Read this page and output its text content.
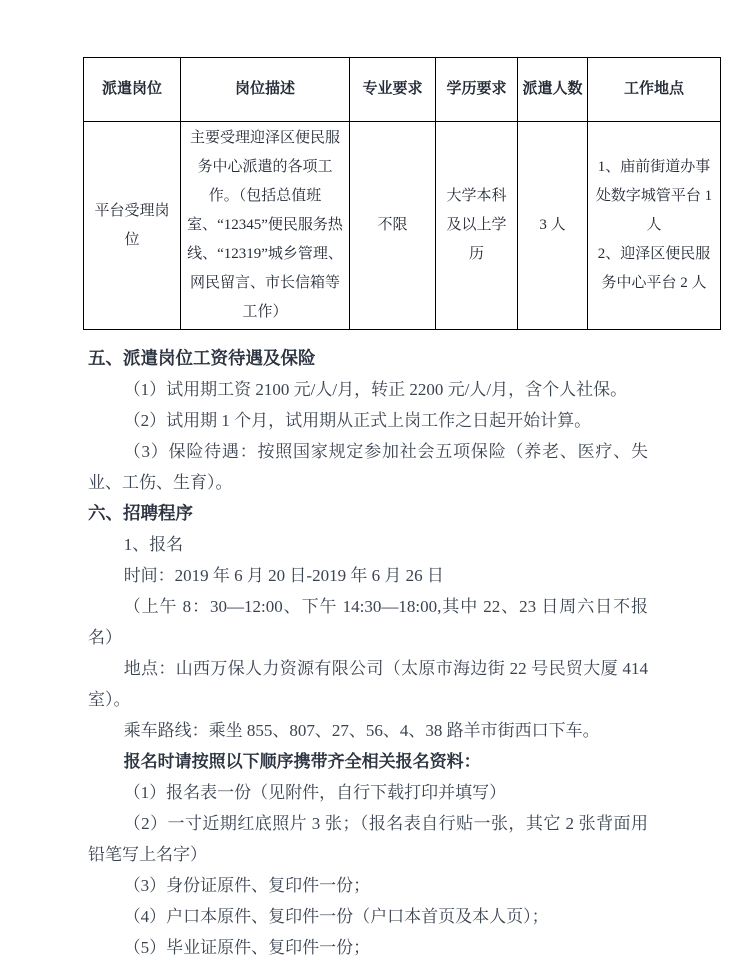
派遣岗位	岗位描述	专业要求	学历要求	派遣人数	工作地点
平台受理岗位	主要受理迎泽区便民服务中心派遣的各项工作。（包括总值班室、“12345”便民服务热线、“12319”城乡管理、网民留言、市长信箱等工作）	不限	大学本科及以上学历	3 人	1、庙前街道办事处数字城管平台 1 人
2、迎泽区便民服务中心平台 2 人

五、派遣岗位工资待遇及保险

（1）试用期工资 2100 元/人/月，转正 2200 元/人/月，含个人社保。

（2）试用期 1 个月，试用期从正式上岗工作之日起开始计算。

（3）保险待遇：按照国家规定参加社会五项保险（养老、医疗、失业、工伤、生育）。

六、招聘程序

1、报名

时间：2019 年 6 月 20 日-2019 年 6 月 26 日

（上午 8：30—12:00、下午 14:30—18:00,其中 22、23 日周六日不报名）

地点：山西万保人力资源有限公司（太原市海边街 22 号民贸大厦 414 室）。

乘车路线：乘坐 855、807、27、56、4、38 路羊市街西口下车。

报名时请按照以下顺序携带齐全相关报名资料：

（1）报名表一份（见附件，自行下载打印并填写）

（2）一寸近期红底照片 3 张；（报名表自行贴一张，其它 2 张背面用铅笔写上名字）

（3）身份证原件、复印件一份；

（4）户口本原件、复印件一份（户口本首页及本人页）；

（5）毕业证原件、复印件一份；
